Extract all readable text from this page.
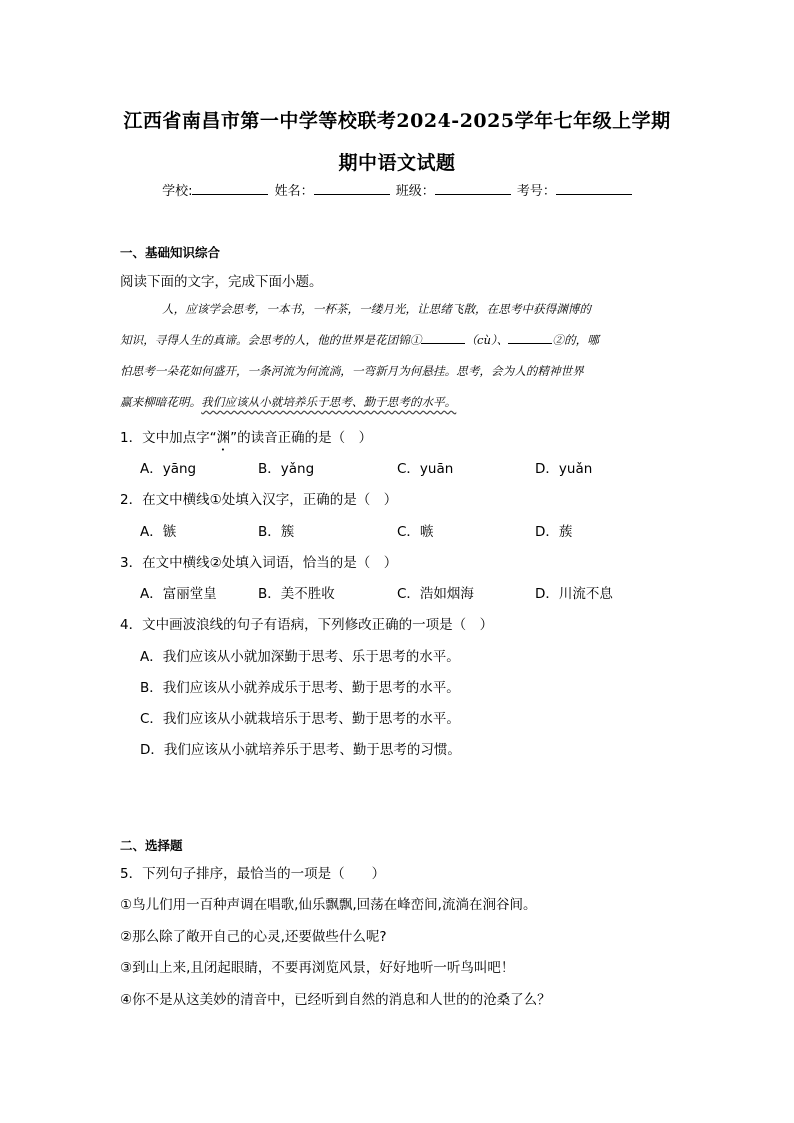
江西省南昌市第一中学等校联考2024-2025学年七年级上学期
期中语文试题
学校:	姓名：	班级：	考号：
一、基础知识综合
阅读下面的文字，完成下面小题。
人，应该学会思考，一本书，一杯茶，一缕月光，让思绪飞散，在思考中获得渊博的
知识，寻得人生的真谛。会思考的人，他的世界是花团锦①	（cù）、	②的，哪
怕思考一朵花如何盛开，一条河流为何流淌，一弯新月为何悬挂。思考，会为人的精神世界
赢来柳暗花明。我们应该从小就培养乐于思考、勤于思考的水平。
1．文中加点字“渊”的读音正确的是（　）
A．yāng	B．yǎng	C．yuān	D．yuǎn
2．在文中横线①处填入汉字，正确的是（　）
A．镞	B．簇	C．嗾	D．蔟
3．在文中横线②处填入词语，恰当的是（　）
A．富丽堂皇	B．美不胜收	C．浩如烟海	D．川流不息
4．文中画波浪线的句子有语病，下列修改正确的一项是（　）
A．我们应该从小就加深勤于思考、乐于思考的水平。
B．我们应该从小就养成乐于思考、勤于思考的水平。
C．我们应该从小就栽培乐于思考、勤于思考的水平。
D．我们应该从小就培养乐于思考、勤于思考的习惯。
二、选择题
5．下列句子排序，最恰当的一项是（　　）
①鸟儿们用一百种声调在唱歌,仙乐飘飘,回荡在峰峦间,流淌在涧谷间。
②那么除了敞开自己的心灵,还要做些什么呢?
③到山上来,且闭起眼睛，不要再浏览风景，好好地听一听鸟叫吧！
④你不是从这美妙的清音中，已经听到自然的消息和人世的的沧桑了么？
